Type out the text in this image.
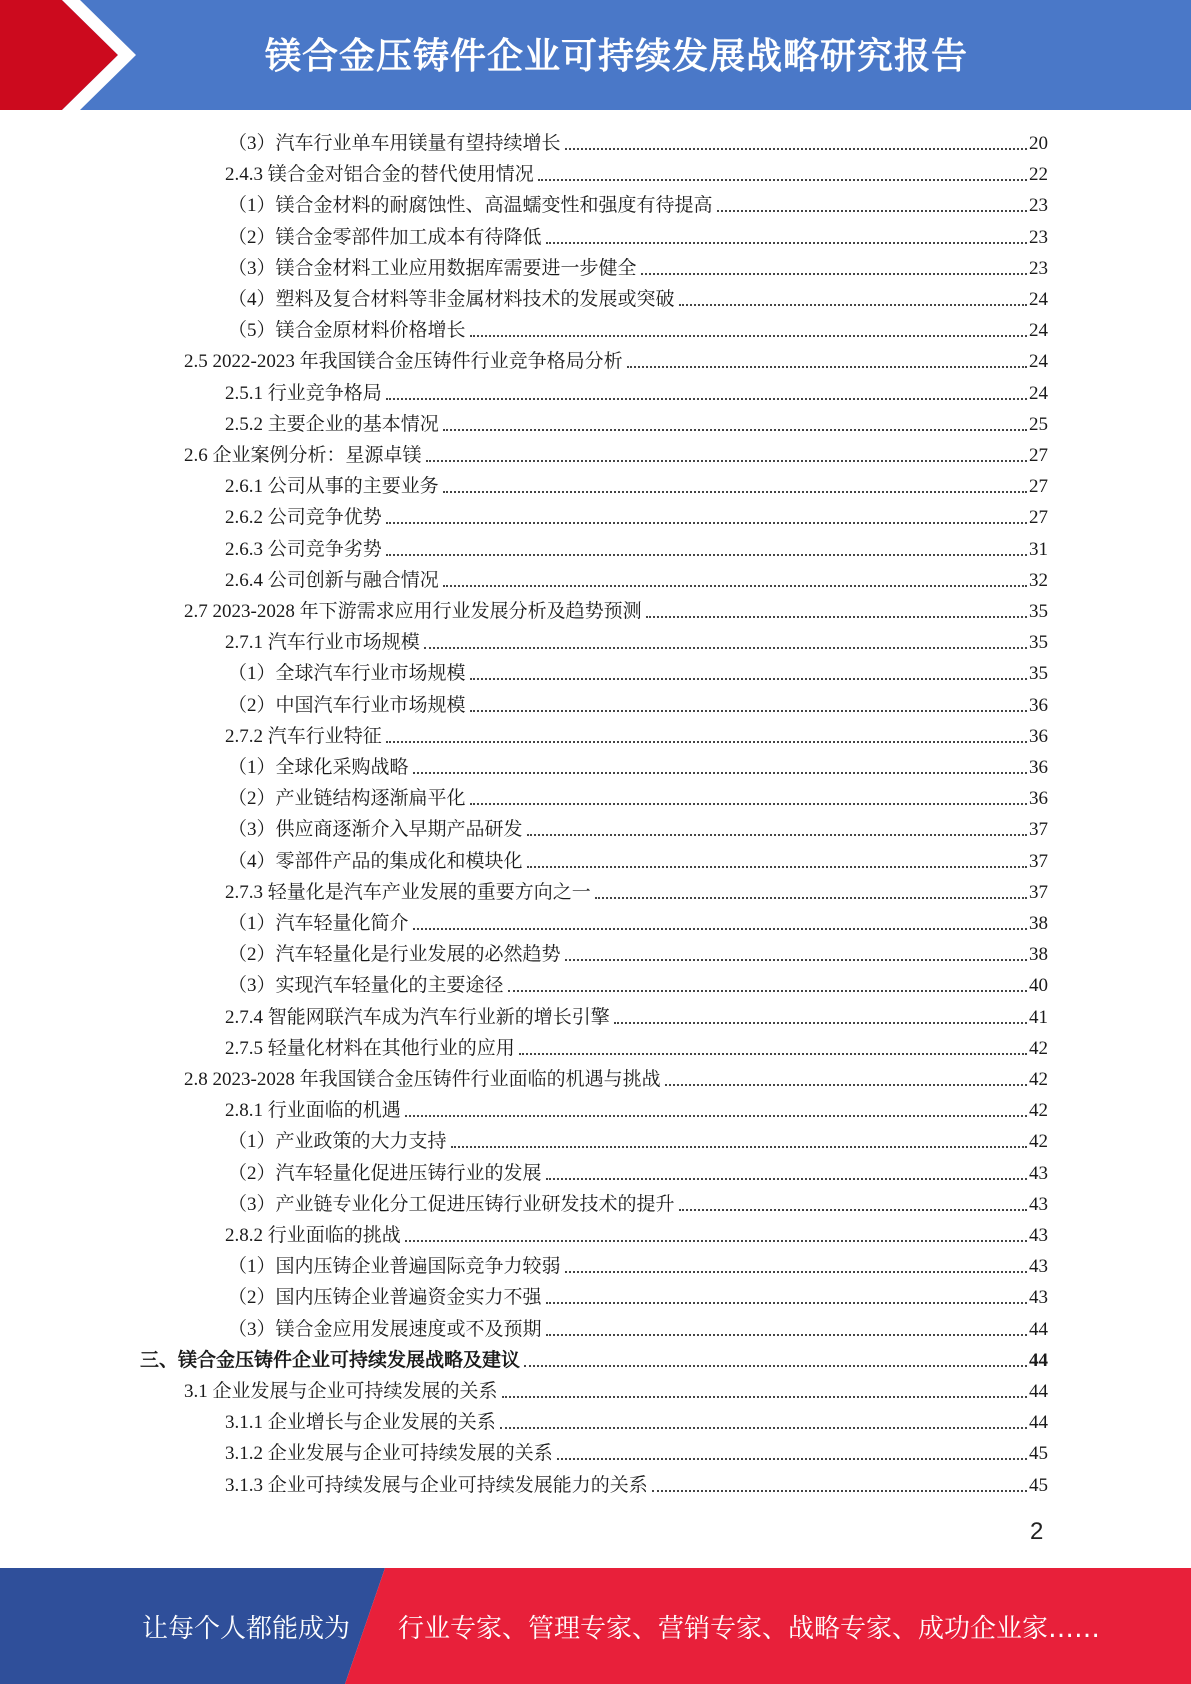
镁合金压铸件企业可持续发展战略研究报告
（3）汽车行业单车用镁量有望持续增长	20
2.4.3 镁合金对铝合金的替代使用情况	22
（1）镁合金材料的耐腐蚀性、高温蠕变性和强度有待提高	23
（2）镁合金零部件加工成本有待降低	23
（3）镁合金材料工业应用数据库需要进一步健全	23
（4）塑料及复合材料等非金属材料技术的发展或突破	24
（5）镁合金原材料价格增长	24
2.5 2022-2023 年我国镁合金压铸件行业竞争格局分析	24
2.5.1 行业竞争格局	24
2.5.2 主要企业的基本情况	25
2.6 企业案例分析：星源卓镁	27
2.6.1 公司从事的主要业务	27
2.6.2 公司竞争优势	27
2.6.3 公司竞争劣势	31
2.6.4 公司创新与融合情况	32
2.7 2023-2028 年下游需求应用行业发展分析及趋势预测	35
2.7.1 汽车行业市场规模	35
（1）全球汽车行业市场规模	35
（2）中国汽车行业市场规模	36
2.7.2 汽车行业特征	36
（1）全球化采购战略	36
（2）产业链结构逐渐扁平化	36
（3）供应商逐渐介入早期产品研发	37
（4）零部件产品的集成化和模块化	37
2.7.3 轻量化是汽车产业发展的重要方向之一	37
（1）汽车轻量化简介	38
（2）汽车轻量化是行业发展的必然趋势	38
（3）实现汽车轻量化的主要途径	40
2.7.4 智能网联汽车成为汽车行业新的增长引擎	41
2.7.5 轻量化材料在其他行业的应用	42
2.8 2023-2028 年我国镁合金压铸件行业面临的机遇与挑战	42
2.8.1 行业面临的机遇	42
（1）产业政策的大力支持	42
（2）汽车轻量化促进压铸行业的发展	43
（3）产业链专业化分工促进压铸行业研发技术的提升	43
2.8.2 行业面临的挑战	43
（1）国内压铸企业普遍国际竞争力较弱	43
（2）国内压铸企业普遍资金实力不强	43
（3）镁合金应用发展速度或不及预期	44
三、镁合金压铸件企业可持续发展战略及建议	44
3.1 企业发展与企业可持续发展的关系	44
3.1.1 企业增长与企业发展的关系	44
3.1.2 企业发展与企业可持续发展的关系	45
3.1.3 企业可持续发展与企业可持续发展能力的关系	45
2
让每个人都能成为 行业专家、管理专家、营销专家、战略专家、成功企业家……
